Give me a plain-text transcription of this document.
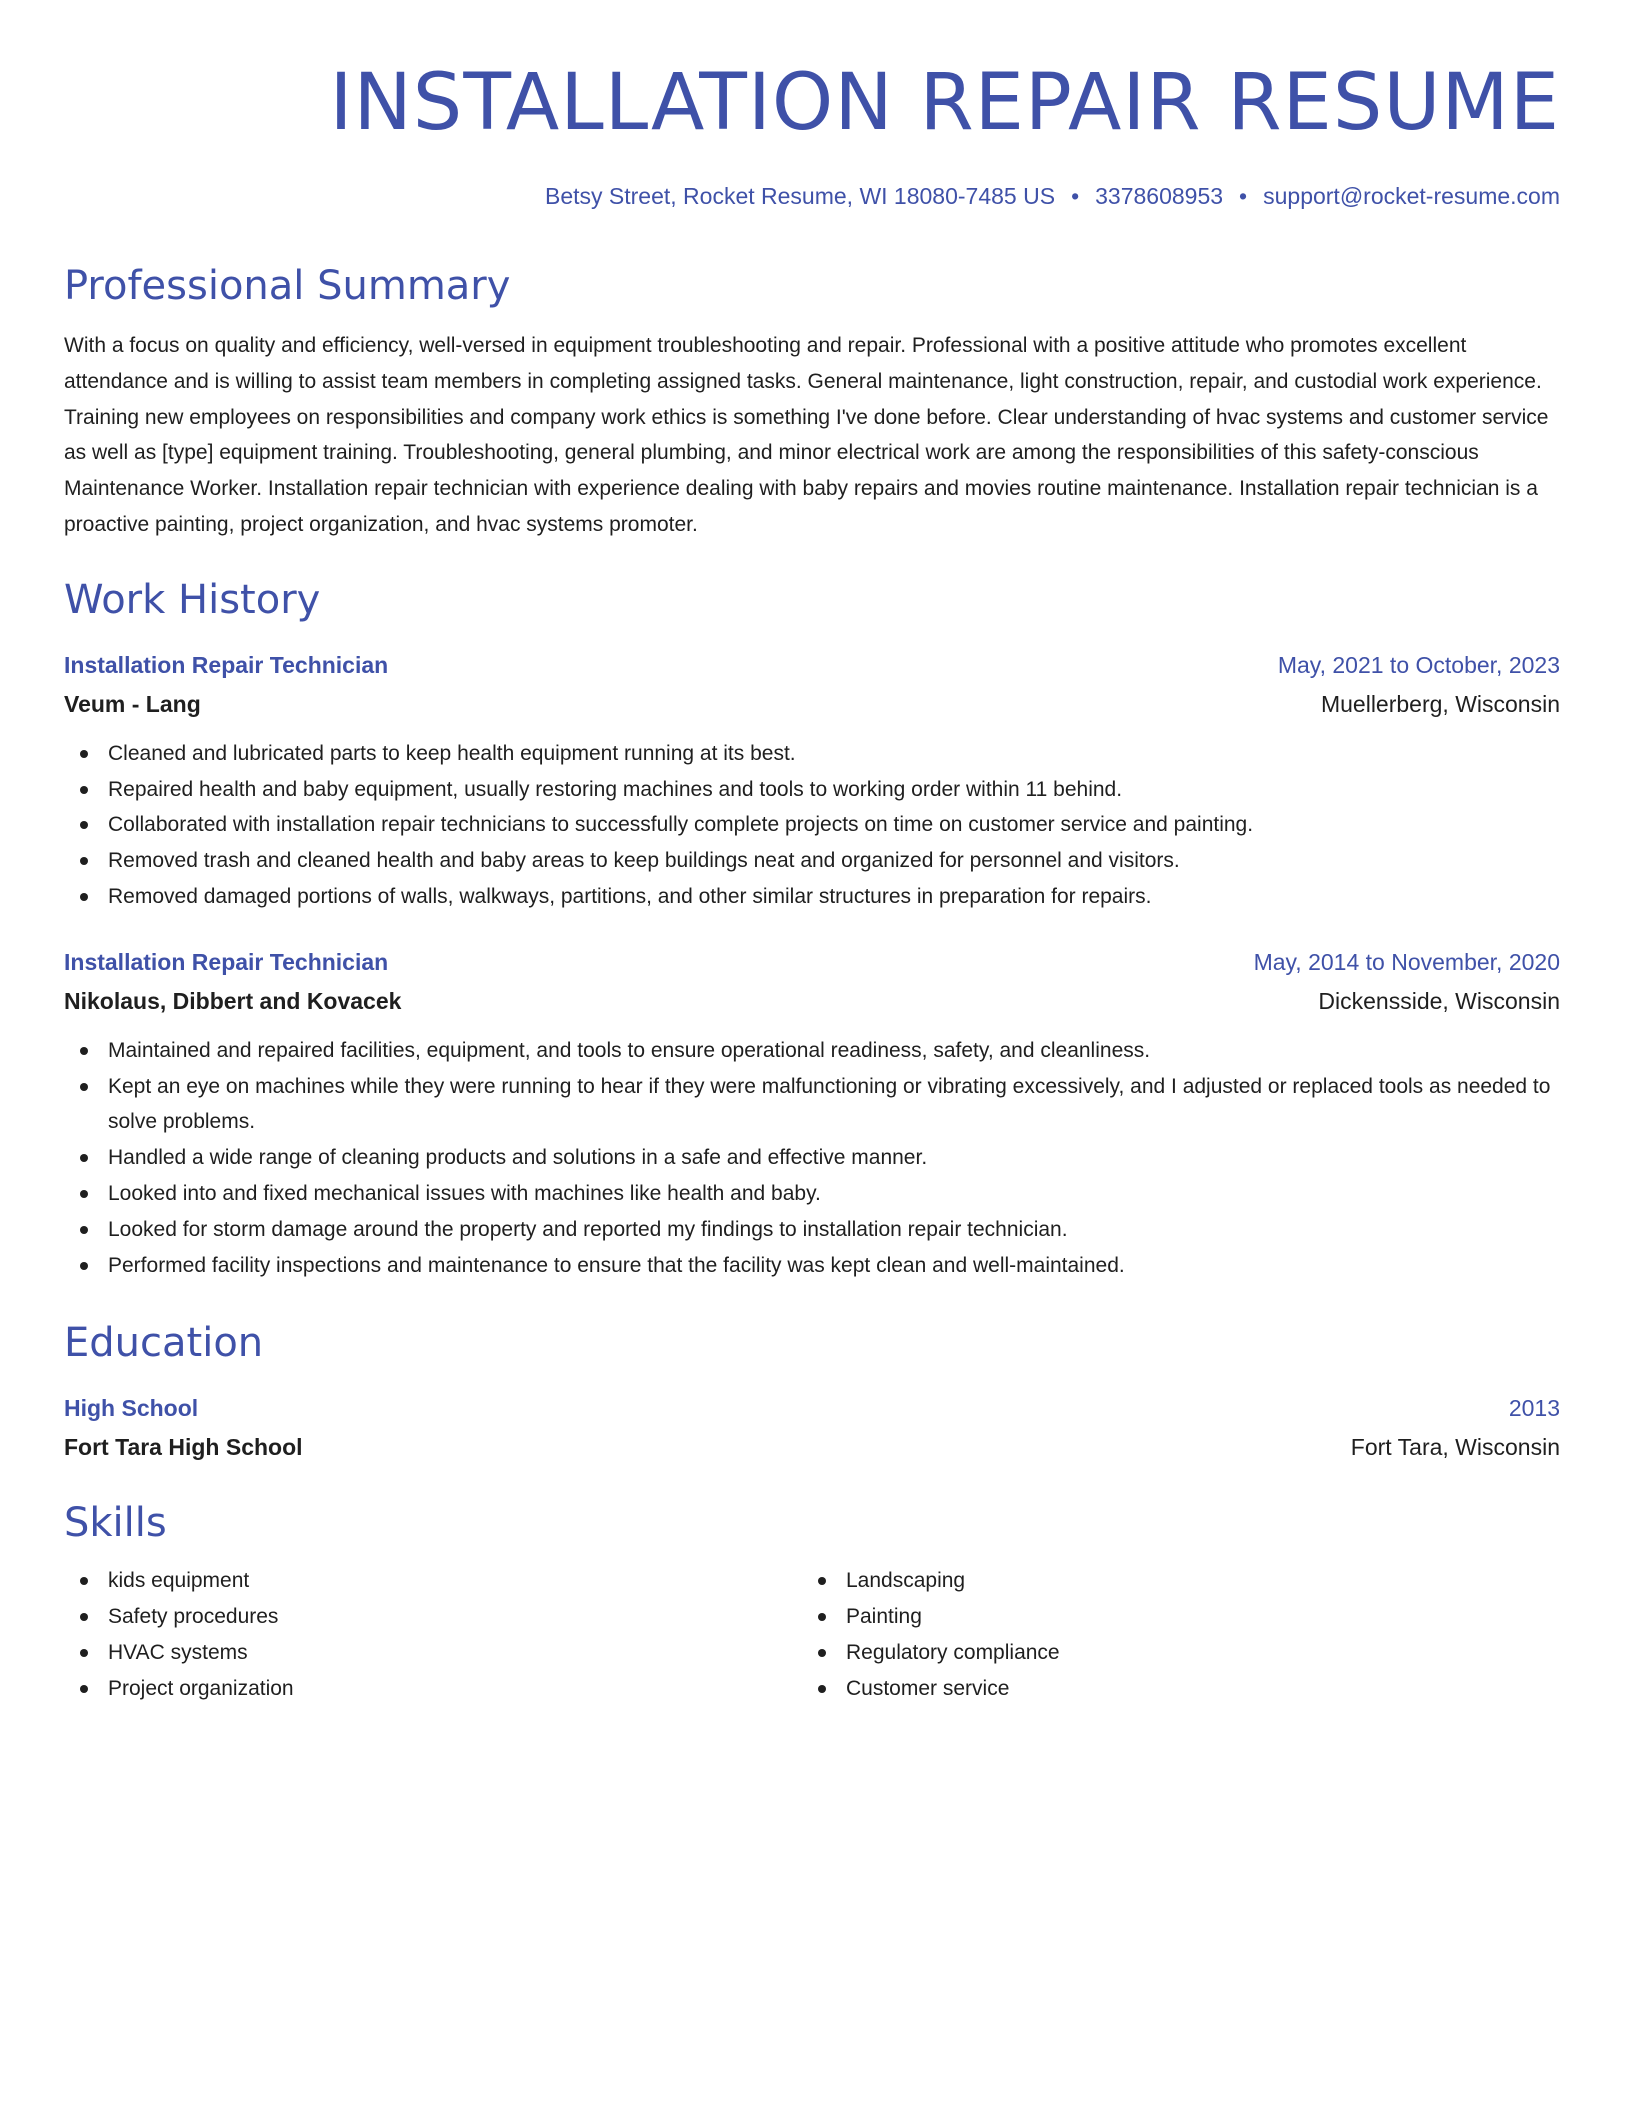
INSTALLATION REPAIR RESUME
Betsy Street, Rocket Resume, WI 18080-7485 US • 3378608953 • support@rocket-resume.com
Professional Summary

With a focus on quality and efficiency, well-versed in equipment troubleshooting and repair. Professional with a positive attitude who promotes excellent attendance and is willing to assist team members in completing assigned tasks. General maintenance, light construction, repair, and custodial work experience. Training new employees on responsibilities and company work ethics is something I've done before. Clear understanding of hvac systems and customer service as well as [type] equipment training. Troubleshooting, general plumbing, and minor electrical work are among the responsibilities of this safety-conscious Maintenance Worker. Installation repair technician with experience dealing with baby repairs and movies routine maintenance. Installation repair technician is a proactive painting, project organization, and hvac systems promoter.

Work History
Installation Repair Technician	May, 2021 to October, 2023
Veum - Lang	Muellerberg, Wisconsin
Cleaned and lubricated parts to keep health equipment running at its best.
Repaired health and baby equipment, usually restoring machines and tools to working order within 11 behind.
Collaborated with installation repair technicians to successfully complete projects on time on customer service and painting.
Removed trash and cleaned health and baby areas to keep buildings neat and organized for personnel and visitors.
Removed damaged portions of walls, walkways, partitions, and other similar structures in preparation for repairs.
Installation Repair Technician	May, 2014 to November, 2020
Nikolaus, Dibbert and Kovacek	Dickensside, Wisconsin
Maintained and repaired facilities, equipment, and tools to ensure operational readiness, safety, and cleanliness.
Kept an eye on machines while they were running to hear if they were malfunctioning or vibrating excessively, and I adjusted or replaced tools as needed to solve problems.
Handled a wide range of cleaning products and solutions in a safe and effective manner.
Looked into and fixed mechanical issues with machines like health and baby.
Looked for storm damage around the property and reported my findings to installation repair technician.
Performed facility inspections and maintenance to ensure that the facility was kept clean and well-maintained.
Education
High School	2013
Fort Tara High School	Fort Tara, Wisconsin
Skills
kids equipment
Safety procedures
HVAC systems
Project organization
Landscaping
Painting
Regulatory compliance
Customer service
